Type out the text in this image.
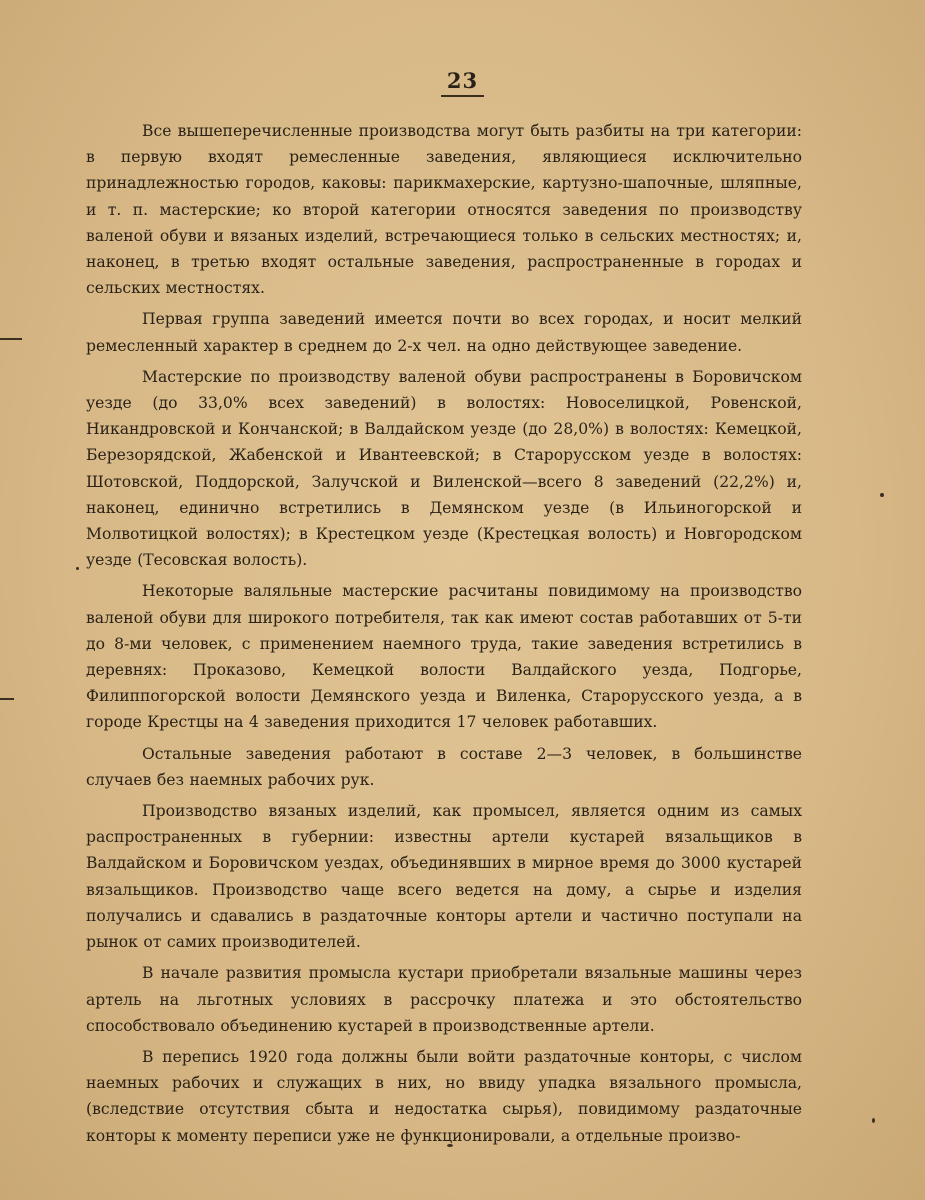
23

Все вышеперечисленные производства могут быть разбиты на три категории: в первую входят ремесленные заведения, являющиеся исключительно принадлежностью городов, каковы: парикмахерские, картузно-шапочные, шляпные, и т. п. мастерские; ко второй категории относятся заведения по производству валеной обуви и вязаных изделий, встречающиеся только в сельских местностях; и, наконец, в третью входят остальные заведения, распространенные в городах и сельских местностях.

Первая группа заведений имеется почти во всех городах, и носит мелкий ремесленный характер в среднем до 2-х чел. на одно действующее заведение.

Мастерские по производству валеной обуви распространены в Боровичском уезде (до 33,0% всех заведений) в волостях: Новоселицкой, Ровенской, Никандровской и Кончанской; в Валдайском уезде (до 28,0%) в волостях: Кемецкой, Березорядской, Жабенской и Ивантеевской; в Старорусском уезде в волостях: Шотовской, Поддорской, Залучской и Виленской—всего 8 заведений (22,2%) и, наконец, единично встретились в Демянском уезде (в Ильиногорской и Молвотицкой волостях); в Крестецком уезде (Крестецкая волость) и Новгородском уезде (Тесовская волость).

Некоторые валяльные мастерские расчитаны повидимому на производство валеной обуви для широкого потребителя, так как имеют состав работавших от 5-ти до 8-ми человек, с применением наемного труда, такие заведения встретились в деревнях: Проказово, Кемецкой волости Валдайского уезда, Подгорье, Филиппогорской волости Демянского уезда и Виленка, Старорусского уезда, а в городе Крестцы на 4 заведения приходится 17 человек работавших.

Остальные заведения работают в составе 2—3 человек, в большинстве случаев без наемных рабочих рук.

Производство вязаных изделий, как промысел, является одним из самых распространенных в губернии: известны артели кустарей вязальщиков в Валдайском и Боровичском уездах, объединявших в мирное время до 3000 кустарей вязальщиков. Производство чаще всего ведется на дому, а сырье и изделия получались и сдавались в раздаточные конторы артели и частично поступали на рынок от самих производителей.

В начале развития промысла кустари приобретали вязальные машины через артель на льготных условиях в рассрочку платежа и это обстоятельство способствовало объединению кустарей в производственные артели.

В перепись 1920 года должны были войти раздаточные конторы, с числом наемных рабочих и служащих в них, но ввиду упадка вязального промысла, (вследствие отсутствия сбыта и недостатка сырья), повидимому раздаточные конторы к моменту переписи уже не функционировали, а отдельные произво-
